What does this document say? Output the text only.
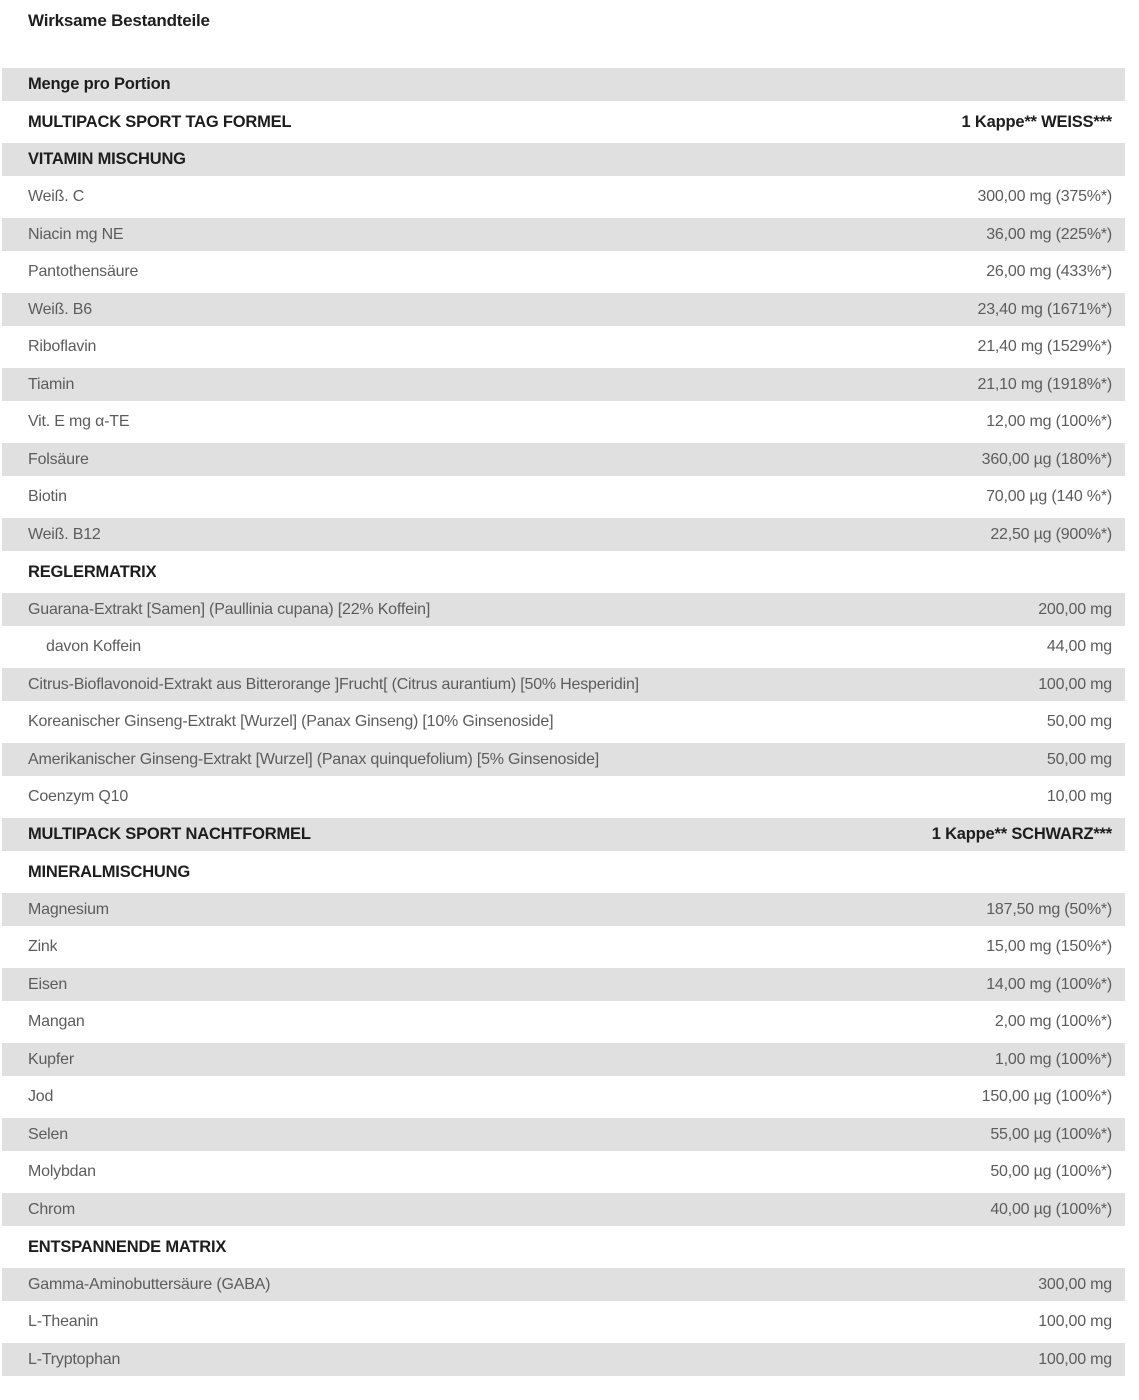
Wirksame Bestandteile
Menge pro Portion
MULTIPACK SPORT TAG FORMEL	1 Kappe** WEISS***
VITAMIN MISCHUNG
Weiß. C	300,00 mg (375%*)
Niacin mg NE	36,00 mg (225%*)
Pantothensäure	26,00 mg (433%*)
Weiß. B6	23,40 mg (1671%*)
Riboflavin	21,40 mg (1529%*)
Tiamin	21,10 mg (1918%*)
Vit. E mg α-TE	12,00 mg (100%*)
Folsäure	360,00 µg (180%*)
Biotin	70,00 µg (140 %*)
Weiß. B12	22,50 µg (900%*)
REGLERMATRIX
Guarana-Extrakt [Samen] (Paullinia cupana) [22% Koffein]	200,00 mg
davon Koffein	44,00 mg
Citrus-Bioflavonoid-Extrakt aus Bitterorange ]Frucht[ (Citrus aurantium) [50% Hesperidin]	100,00 mg
Koreanischer Ginseng-Extrakt [Wurzel] (Panax Ginseng) [10% Ginsenoside]	50,00 mg
Amerikanischer Ginseng-Extrakt [Wurzel] (Panax quinquefolium) [5% Ginsenoside]	50,00 mg
Coenzym Q10	10,00 mg
MULTIPACK SPORT NACHTFORMEL	1 Kappe** SCHWARZ***
MINERALMISCHUNG
Magnesium	187,50 mg (50%*)
Zink	15,00 mg (150%*)
Eisen	14,00 mg (100%*)
Mangan	2,00 mg (100%*)
Kupfer	1,00 mg (100%*)
Jod	150,00 µg (100%*)
Selen	55,00 µg (100%*)
Molybdan	50,00 µg (100%*)
Chrom	40,00 µg (100%*)
ENTSPANNENDE MATRIX
Gamma-Aminobuttersäure (GABA)	300,00 mg
L-Theanin	100,00 mg
L-Tryptophan	100,00 mg
